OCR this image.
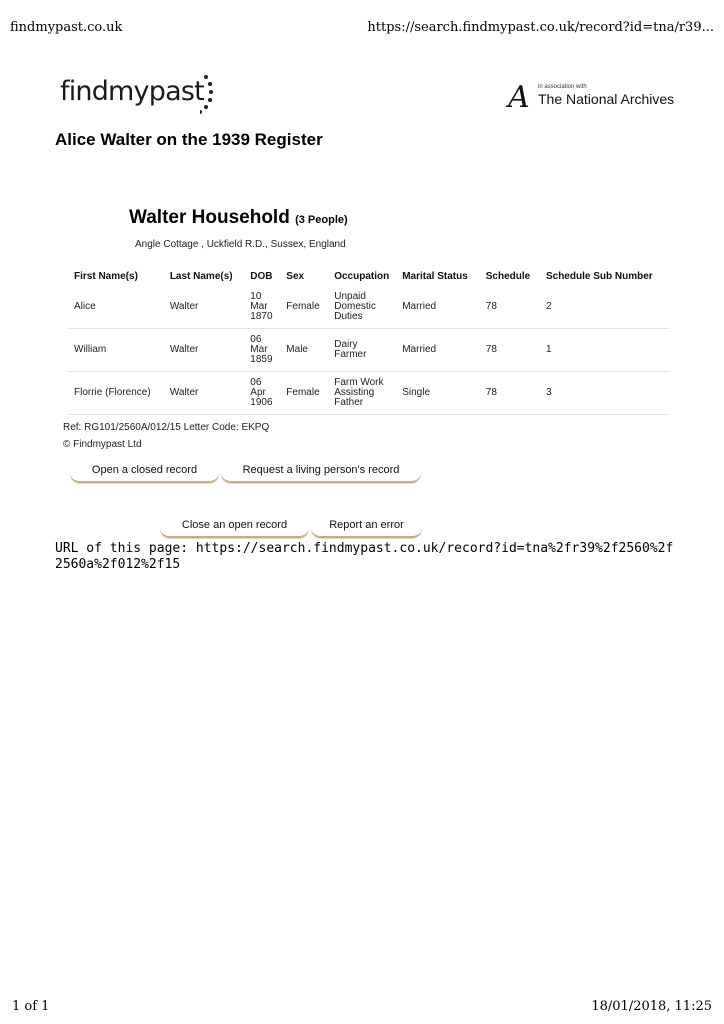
findmypast.co.uk	https://search.findmypast.co.uk/record?id=tna/r39...
findmypast	A in association with
The National Archives
Alice Walter on the 1939 Register
Walter Household (3 People)
Angle Cottage , Uckfield R.D., Sussex, England
First Name(s)	Last Name(s)	DOB	Sex	Occupation	Marital Status	Schedule	Schedule Sub Number
Alice	Walter	10 Mar 1870	Female	Unpaid Domestic Duties	Married	78	2
William	Walter	06 Mar 1859	Male	Dairy Farmer	Married	78	1
Florrie (Florence)	Walter	06 Apr 1906	Female	Farm Work Assisting Father	Single	78	3
Ref: RG101/2560A/012/15 Letter Code: EKPQ
© Findmypast Ltd
Open a closed record	Request a living person's record
Close an open record	Report an error
URL of this page: https://search.findmypast.co.uk/record?id=tna%2fr39%2f2560%2f2560a%2f012%2f15
1 of 1	18/01/2018, 11:25
